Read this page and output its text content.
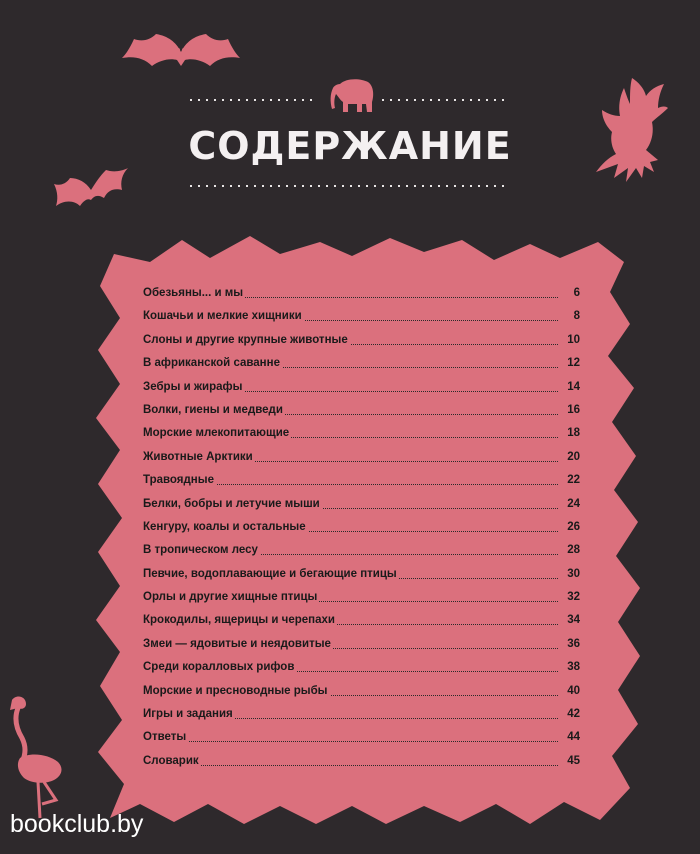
СОДЕРЖАНИЕ
Обезьяны... и мы	6
Кошачьи и мелкие хищники	8
Слоны и другие крупные животные	10
В африканской саванне	12
Зебры и жирафы	14
Волки, гиены и медведи	16
Морские млекопитающие	18
Животные Арктики	20
Травоядные	22
Белки, бобры и летучие мыши	24
Кенгуру, коалы и остальные	26
В тропическом лесу	28
Певчие, водоплавающие и бегающие птицы	30
Орлы и другие хищные птицы	32
Крокодилы, ящерицы и черепахи	34
Змеи — ядовитые и неядовитые	36
Среди коралловых рифов	38
Морские и пресноводные рыбы	40
Игры и задания	42
Ответы	44
Словарик	45

bookclub.by
